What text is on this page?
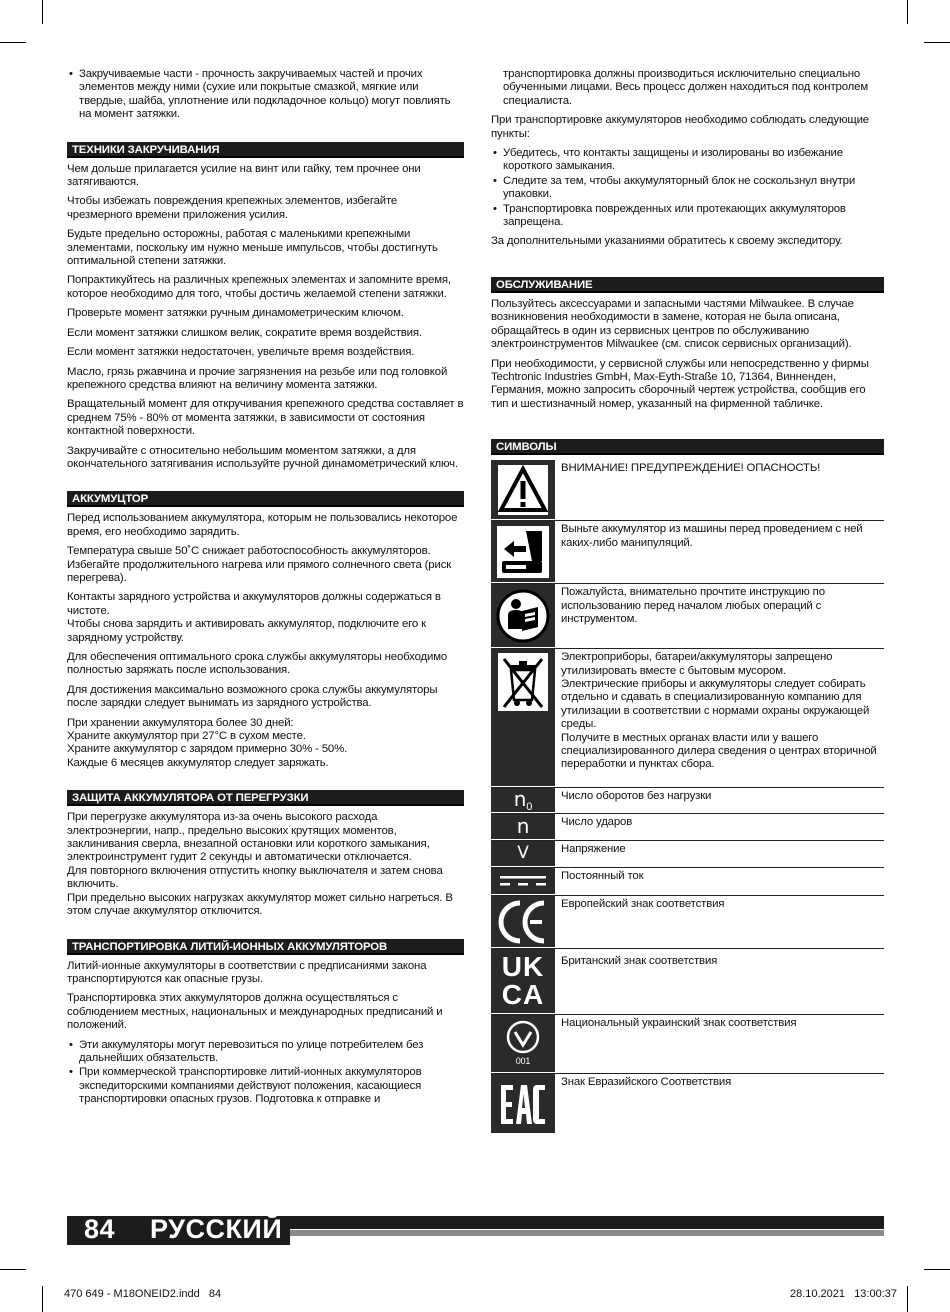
• Закручиваемые части - прочность закручиваемых частей и прочих элементов между ними (сухие или покрытые смазкой, мягкие или твердые, шайба, уплотнение или подкладочное кольцо) могут повлиять на момент затяжки.
ТЕХНИКИ ЗАКРУЧИВАНИЯ
Чем дольше прилагается усилие на винт или гайку, тем прочнее они затягиваются.
Чтобы избежать повреждения крепежных элементов, избегайте чрезмерного времени приложения усилия.
Будьте предельно осторожны, работая с маленькими крепежными элементами, поскольку им нужно меньше импульсов, чтобы достигнуть оптимальной степени затяжки.
Попрактикуйтесь на различных крепежных элементах и запомните время, которое необходимо для того, чтобы достичь желаемой степени затяжки.
Проверьте момент затяжки ручным динамометрическим ключом.
Если момент затяжки слишком велик, сократите время воздействия.
Если момент затяжки недостаточен, увеличьте время воздействия.
Масло, грязь ржавчина и прочие загрязнения на резьбе или под головкой крепежного средства влияют на величину момента затяжки.
Вращательный момент для откручивания крепежного средства составляет в среднем 75% - 80% от момента затяжки, в зависимости от состояния контактной поверхности.
Закручивайте с относительно небольшим моментом затяжки, а для окончательного затягивания используйте ручной динамометрический ключ.
АККУМУЦТОР
Перед использованием аккумулятора, которым не пользовались некоторое время, его необходимо зарядить.
Температура свыше 50˚C снижает работоспособность аккумуляторов. Избегайте продолжительного нагрева или прямого солнечного света (риск перегрева).
Контакты зарядного устройства и аккумуляторов должны содержаться в чистоте.
Чтобы снова зарядить и активировать аккумулятор, подключите его к зарядному устройству.
Для обеспечения оптимального срока службы аккумуляторы необходимо полностью заряжать после использования.
Для достижения максимально возможного срока службы аккумуляторы после зарядки следует вынимать из зарядного устройства.
При хранении аккумулятора более 30 дней:
Храните аккумулятор при 27°C в сухом месте.
Храните аккумулятор с зарядом примерно 30% - 50%.
Каждые 6 месяцев аккумулятор следует заряжать.
ЗАЩИТА АККУМУЛЯТОРА ОТ ПЕРЕГРУЗКИ
При перегрузке аккумулятора из-за очень высокого расхода электроэнергии, напр., предельно высоких крутящих моментов, заклинивания сверла, внезапной остановки или короткого замыкания, электроинструмент гудит 2 секунды и автоматически отключается.
Для повторного включения отпустить кнопку выключателя и затем снова включить.
При предельно высоких нагрузках аккумулятор может сильно нагреться. В этом случае аккумулятор отключится.
ТРАНСПОРТИРОВКА ЛИТИЙ-ИОННЫХ АККУМУЛЯТОРОВ
Литий-ионные аккумуляторы в соответствии с предписаниями закона транспортируются как опасные грузы.
Транспортировка этих аккумуляторов должна осуществляться с соблюдением местных, национальных и международных предписаний и положений.
• Эти аккумуляторы могут перевозиться по улице потребителем без дальнейших обязательств.
• При коммерческой транспортировке литий-ионных аккумуляторов экспедиторскими компаниями действуют положения, касающиеся транспортировки опасных грузов. Подготовка к отправке и
транспортировка должны производиться исключительно специально обученными лицами. Весь процесс должен находиться под контролем специалиста.
При транспортировке аккумуляторов необходимо соблюдать следующие пункты:
• Убедитесь, что контакты защищены и изолированы во избежание короткого замыкания.
• Следите за тем, чтобы аккумуляторный блок не соскользнул внутри упаковки.
• Транспортировка поврежденных или протекающих аккумуляторов запрещена.
За дополнительными указаниями обратитесь к своему экспедитору.
ОБСЛУЖИВАНИЕ
Пользуйтесь аксессуарами и запасными частями Milwaukee. В случае возникновения необходимости в замене, которая не была описана, обращайтесь в один из сервисных центров по обслуживанию электроинструментов Milwaukee (см. список сервисных организаций).
При необходимости, у сервисной службы или непосредственно у фирмы Techtronic Industries GmbH, Max-Eyth-Straße 10, 71364, Винненден, Германия, можно запросить сборочный чертеж устройства, сообщив его тип и шестизначный номер, указанный на фирменной табличке.
СИМВОЛЫ
ВНИМАНИЕ! ПРЕДУПРЕЖДЕНИЕ! ОПАСНОСТЬ!
Выньте аккумулятор из машины перед проведением с ней каких-либо манипуляций.
Пожалуйста, внимательно прочтите инструкцию по использованию перед началом любых операций с инструментом.
Электроприборы, батареи/аккумуляторы запрещено утилизировать вместе с бытовым мусором.
Электрические приборы и аккумуляторы следует собирать отдельно и сдавать в специализированную компанию для утилизации в соответствии с нормами охраны окружающей среды.
Получите в местных органах власти или у вашего специализированного дилера сведения о центрах вторичной переработки и пунктах сбора.
n 0
Число оборотов без нагрузки
n	Число ударов
V	Напряжение
Постоянный ток
Европейский знак соответствия
UK
CA
Британский знак соответствия
001
Национальный украинский знак соответствия
Знак Евразийского Соответствия
84 РУССКИЙ
470 649 - M18ONEID2.indd   84	28.10.2021   13:00:37
